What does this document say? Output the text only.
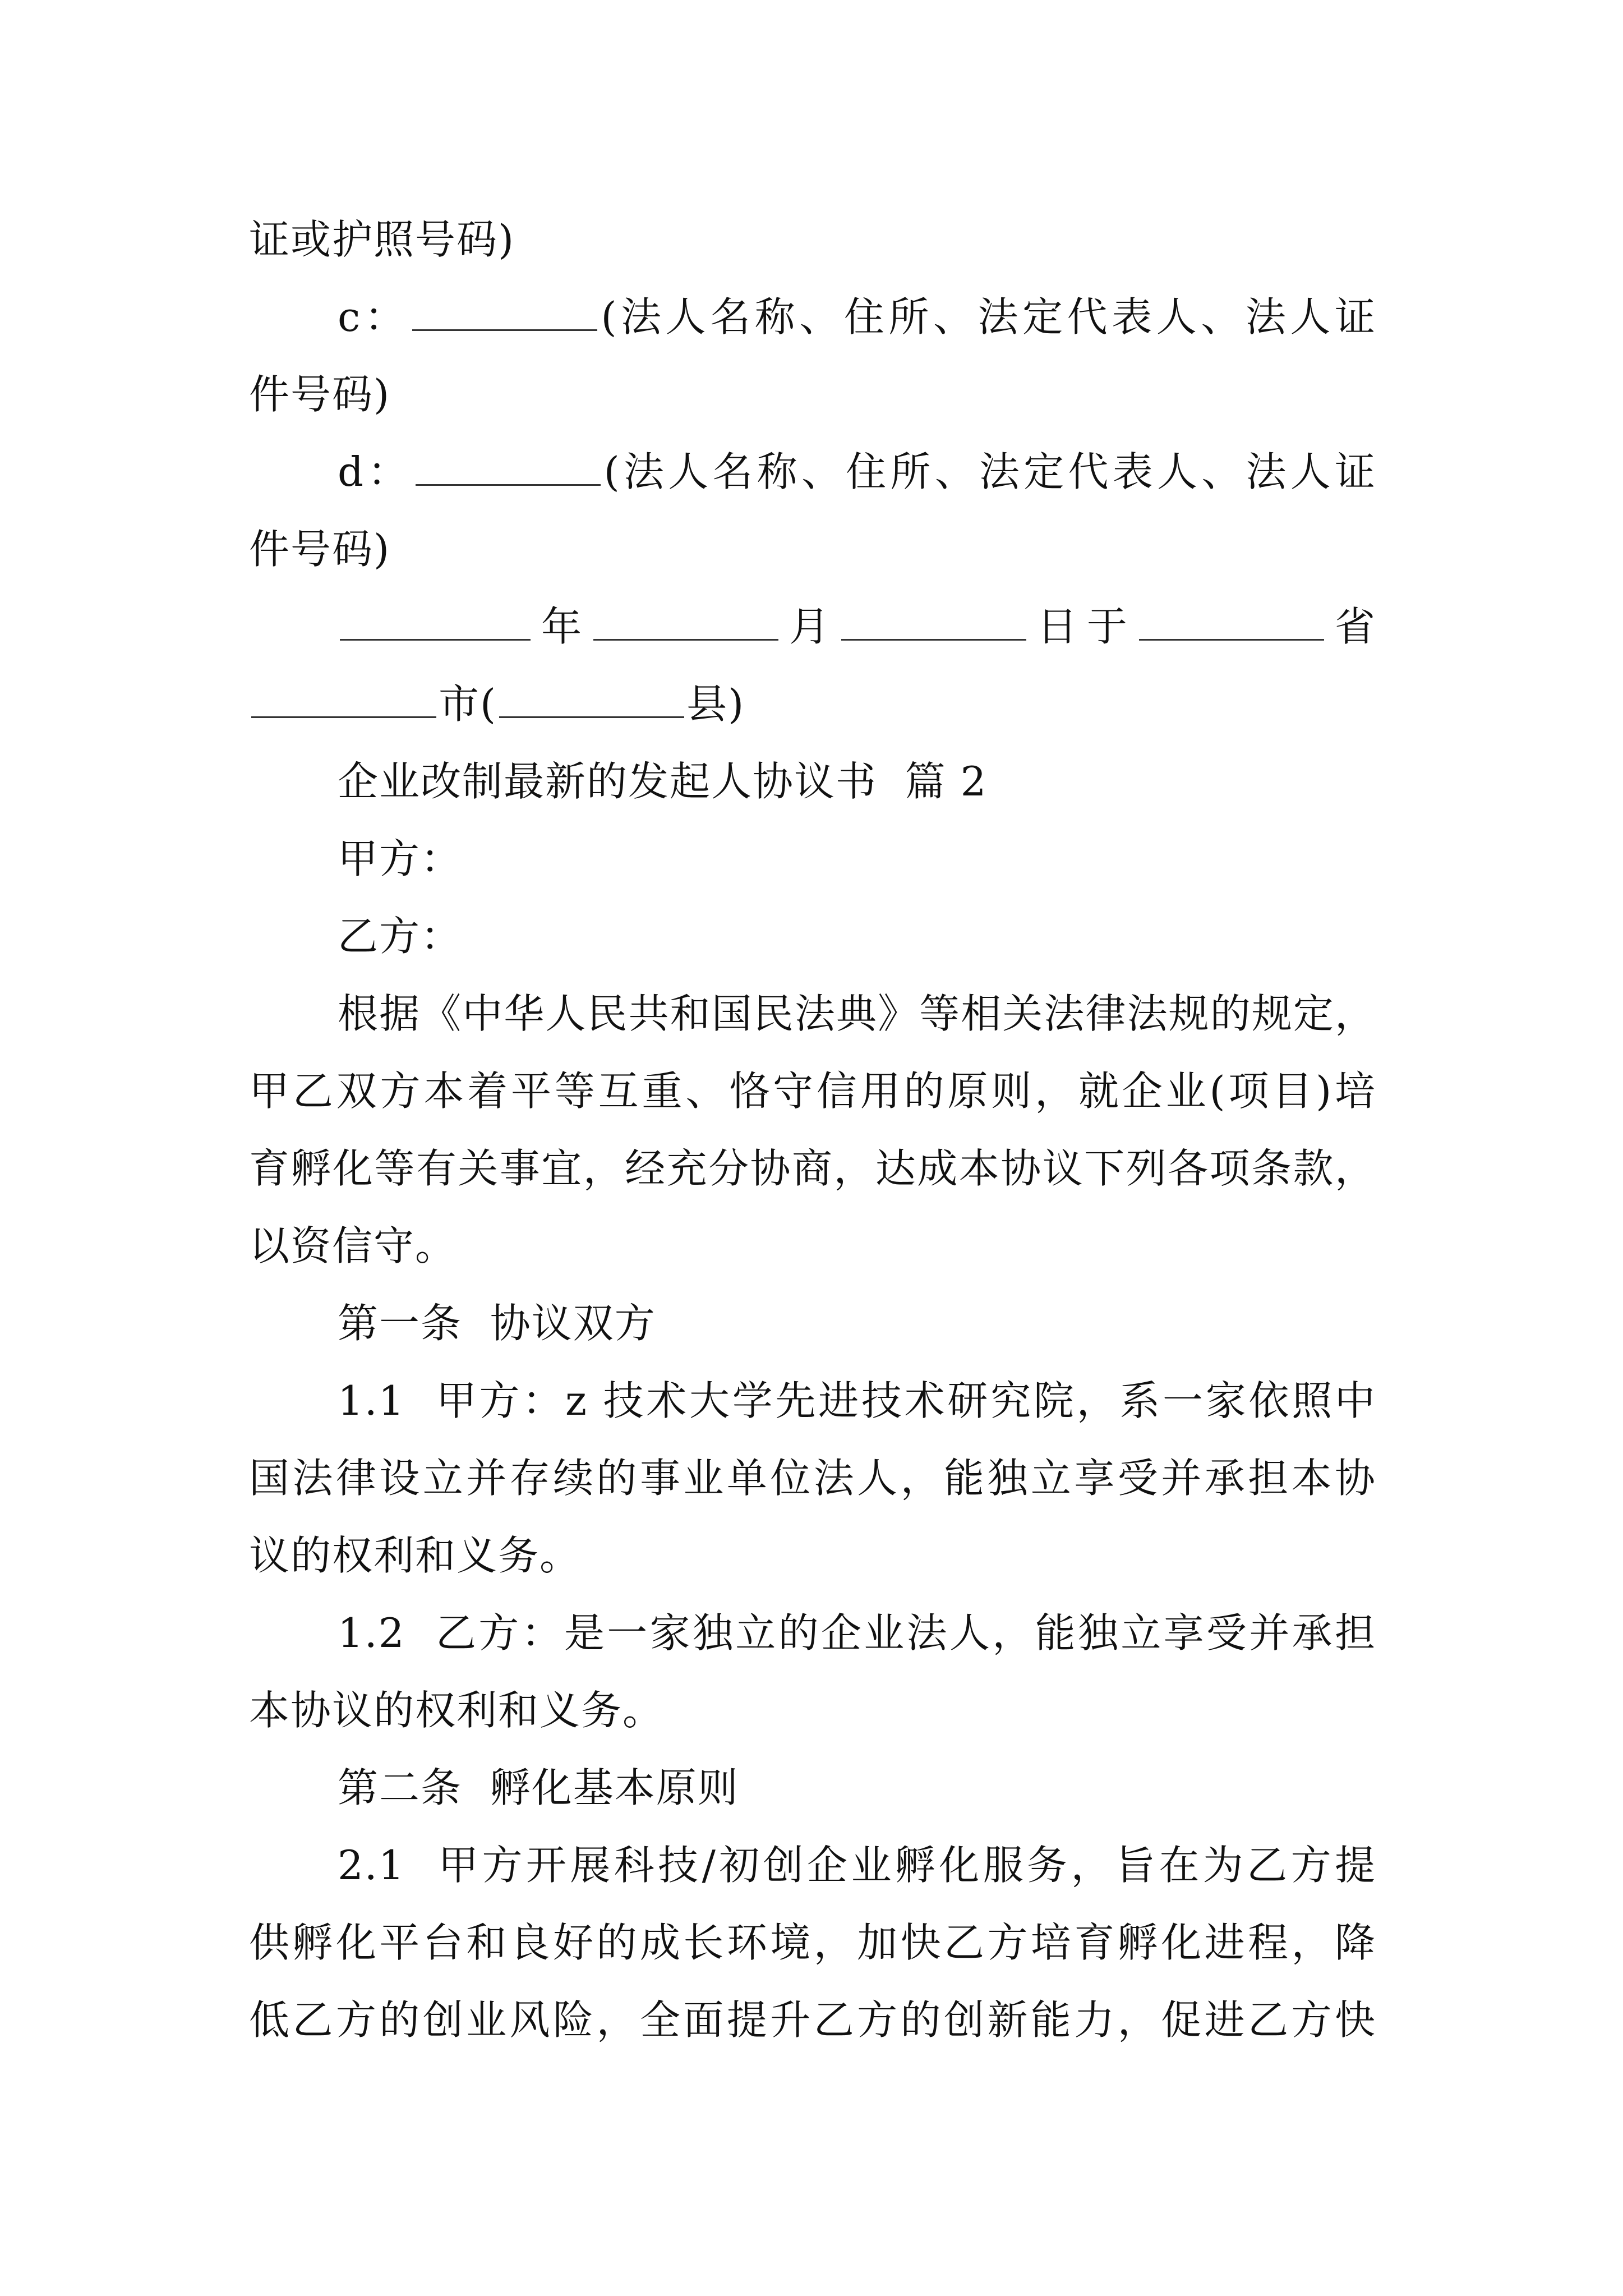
证或护照号码)
c：	(法人名称、住所、法定代表人、法人证
件号码)
d：	(法人名称、住所、法定代表人、法人证
件号码)
年	月	日于	省
市(	县)
企业改制最新的发起人协议书  篇 2
甲方：
乙方：
根据《中华人民共和国民法典》等相关法律法规的规定，
甲乙双方本着平等互重、恪守信用的原则，就企业(项目)培
育孵化等有关事宜，经充分协商，达成本协议下列各项条款，
以资信守。
第一条  协议双方
1.1  甲方：z 技术大学先进技术研究院，系一家依照中
国法律设立并存续的事业单位法人，能独立享受并承担本协
议的权利和义务。
1.2  乙方：是一家独立的企业法人，能独立享受并承担
本协议的权利和义务。
第二条  孵化基本原则
2.1  甲方开展科技/初创企业孵化服务，旨在为乙方提
供孵化平台和良好的成长环境，加快乙方培育孵化进程，降
低乙方的创业风险，全面提升乙方的创新能力，促进乙方快
